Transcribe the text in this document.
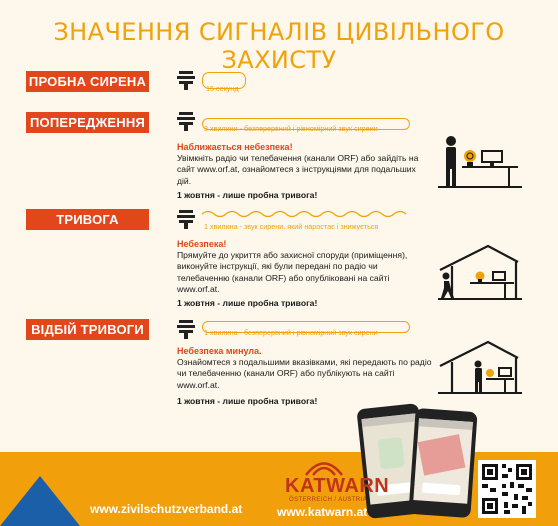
ЗНАЧЕННЯ СИГНАЛІВ ЦИВІЛЬНОГО ЗАХИСТУ
ПРОБНА СИРЕНА	15 секунд
ПОПЕРЕДЖЕННЯ	3 хвилини - безперервний і рівномірний звук сирени
Наближається небезпека!
Увімкніть радіо чи телебачення (канали ORF) або зайдіть на сайт www.orf.at, ознайомтеся з інструкціями для подальших дій.
1 жовтня - лише пробна тривога!
ТРИВОГА	1 хвилина - звук сирени, який наростає і знижується
Небезпека!
Прямуйте до укриття або захисної споруди (приміщення), виконуйте інструкції, які були передані по радіо чи телебаченню (канали ORF) або опубліковані на сайті www.orf.at.
1 жовтня - лише пробна тривога!
ВІДБІЙ ТРИВОГИ	1 хвилина - безперервний і рівномірний звук сирени
Небезпека минула.
Ознайомтеся з подальшими вказівками, які передають по радіо чи телебаченню (канали ORF) або публікують на сайті www.orf.at.
1 жовтня - лише пробна тривога!
www.zivilschutzverband.at
KATWARN
ÖSTERREICH / AUSTRIA
www.katwarn.at
